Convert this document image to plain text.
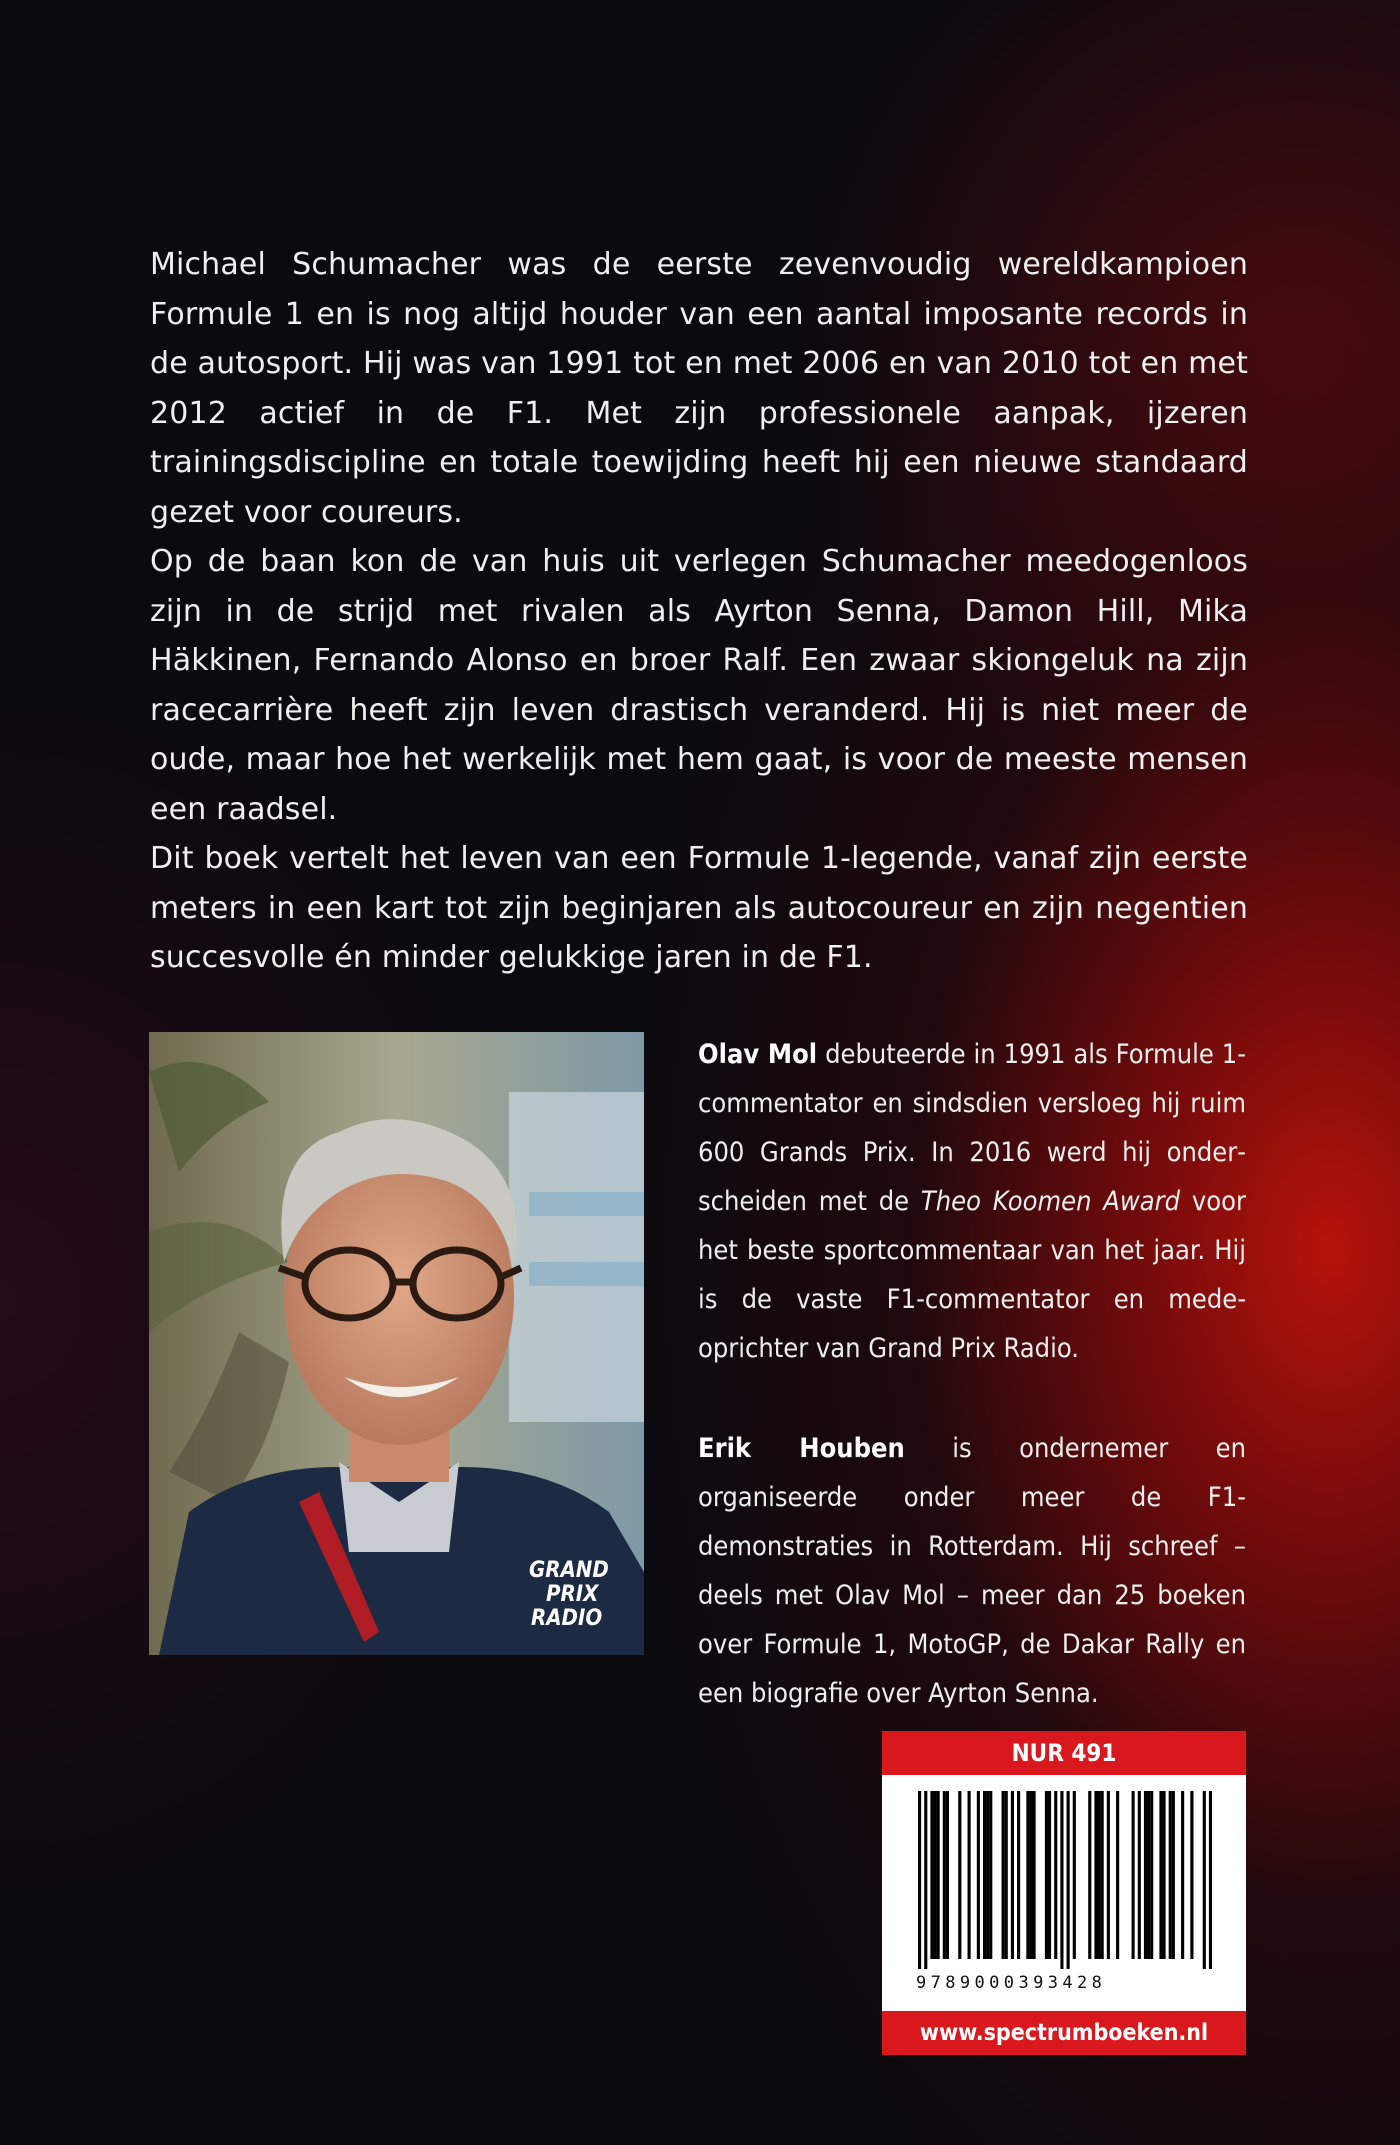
Michael Schumacher was de eerste zevenvoudig wereldkampioen Formule 1 en is nog altijd houder van een aantal imposante records in de autosport. Hij was van 1991 tot en met 2006 en van 2010 tot en met 2012 actief in de F1. Met zijn professionele aanpak, ijzeren trainingsdiscipline en totale toewijding heeft hij een nieuwe standaard gezet voor coureurs.

Op de baan kon de van huis uit verlegen Schumacher meedogenloos zijn in de strijd met rivalen als Ayrton Senna, Damon Hill, Mika Häkkinen, Fernando Alonso en broer Ralf. Een zwaar skiongeluk na zijn racecarrière heeft zijn leven drastisch veranderd. Hij is niet meer de oude, maar hoe het werkelijk met hem gaat, is voor de meeste mensen een raadsel.

Dit boek vertelt het leven van een Formule 1-legende, vanaf zijn eerste meters in een kart tot zijn beginjaren als autocoureur en zijn negentien succesvolle én minder gelukkige jaren in de F1.

GRAND
PRIX
RADIO

Olav Mol debuteerde in 1991 als Formule 1-commentator en sindsdien versloeg hij ruim 600 Grands Prix. In 2016 werd hij onderscheiden met de Theo Koomen Award voor het beste sportcommentaar van het jaar. Hij is de vaste F1-commentator en medeoprichter van Grand Prix Radio.

Erik Houben is ondernemer en organiseerde onder meer de F1-demonstraties in Rotterdam. Hij schreef – deels met Olav Mol – meer dan 25 boeken over Formule 1, MotoGP, de Dakar Rally en een biografie over Ayrton Senna.

NUR 491
9789000393428
www.spectrumboeken.nl
